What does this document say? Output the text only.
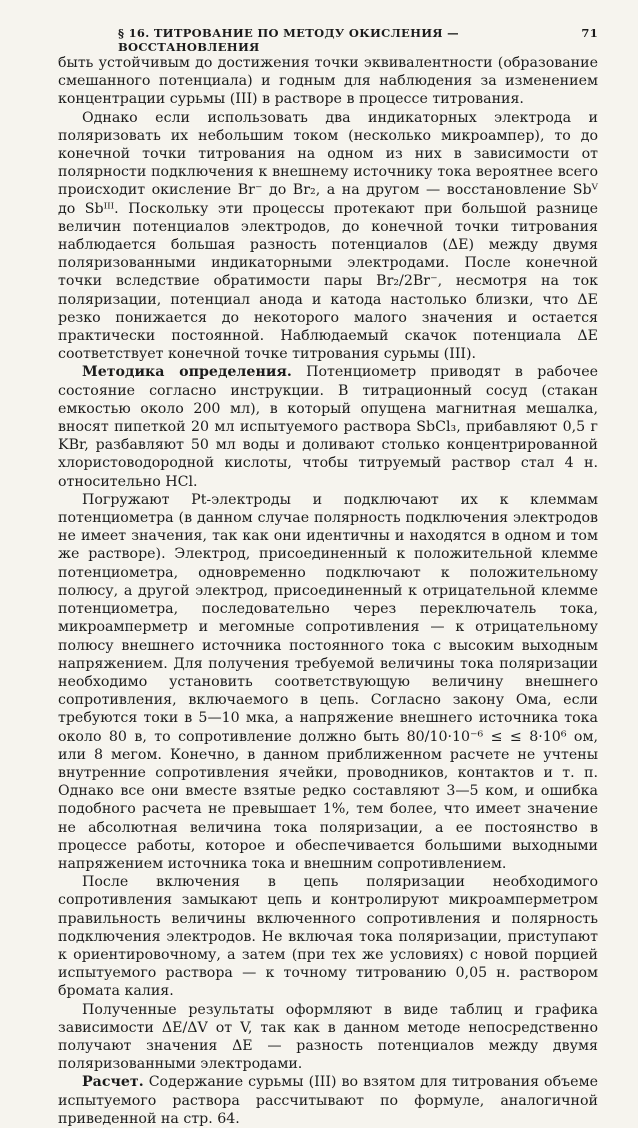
§ 16. ТИТРОВАНИЕ ПО МЕТОДУ ОКИСЛЕНИЯ — ВОССТАНОВЛЕНИЯ
71

быть устойчивым до достижения точки эквивалентности (образование смешанного потенциала) и годным для наблюдения за изменением концентрации сурьмы (III) в растворе в процессе титрования.

Однако если использовать два индикаторных электрода и поляризовать их небольшим током (несколько микроампер), то до конечной точки титрования на одном из них в зависимости от полярности подключения к внешнему источнику тока вероятнее всего происходит окисление Br⁻ до Br₂, а на другом — восстановление Sbⱽ до Sbᴵᴵᴵ. Поскольку эти процессы протекают при большой разнице величин потенциалов электродов, до конечной точки титрования наблюдается большая разность потенциалов (ΔE) между двумя поляризованными индикаторными электродами. После конечной точки вследствие обратимости пары Br₂/2Br⁻, несмотря на ток поляризации, потенциал анода и катода настолько близки, что ΔE резко понижается до некоторого малого значения и остается практически постоянной. Наблюдаемый скачок потенциала ΔE соответствует конечной точке титрования сурьмы (III).

Методика определения. Потенциометр приводят в рабочее состояние согласно инструкции. В титрационный сосуд (стакан емкостью около 200 мл), в который опущена магнитная мешалка, вносят пипеткой 20 мл испытуемого раствора SbCl₃, прибавляют 0,5 г KBr, разбавляют 50 мл воды и доливают столько концентрированной хлористоводородной кислоты, чтобы титруемый раствор стал 4 н. относительно HCl.

Погружают Pt-электроды и подключают их к клеммам потенциометра (в данном случае полярность подключения электродов не имеет значения, так как они идентичны и находятся в одном и том же растворе). Электрод, присоединенный к положительной клемме потенциометра, одновременно подключают к положительному полюсу, а другой электрод, присоединенный к отрицательной клемме потенциометра, последовательно через переключатель тока, микроамперметр и мегомные сопротивления — к отрицательному полюсу внешнего источника постоянного тока с высоким выходным напряжением. Для получения требуемой величины тока поляризации необходимо установить соответствующую величину внешнего сопротивления, включаемого в цепь. Согласно закону Ома, если требуются токи в 5—10 мка, а напряжение внешнего источника тока около 80 в, то сопротивление должно быть 80/10·10⁻⁶ ≤ ≤ 8·10⁶ ом, или 8 мегом. Конечно, в данном приближенном расчете не учтены внутренние сопротивления ячейки, проводников, контактов и т. п. Однако все они вместе взятые редко составляют 3—5 ком, и ошибка подобного расчета не превышает 1%, тем более, что имеет значение не абсолютная величина тока поляризации, а ее постоянство в процессе работы, которое и обеспечивается большими выходными напряжением источника тока и внешним сопротивлением.

После включения в цепь поляризации необходимого сопротивления замыкают цепь и контролируют микроамперметром правильность величины включенного сопротивления и полярность подключения электродов. Не включая тока поляризации, приступают к ориентировочному, а затем (при тех же условиях) с новой порцией испытуемого раствора — к точному титрованию 0,05 н. раствором бромата калия.

Полученные результаты оформляют в виде таблиц и графика зависимости ΔE/ΔV от V, так как в данном методе непосредственно получают значения ΔE — разность потенциалов между двумя поляризованными электродами.

Расчет. Содержание сурьмы (III) во взятом для титрования объеме испытуемого раствора рассчитывают по формуле, аналогичной приведенной на стр. 64.
